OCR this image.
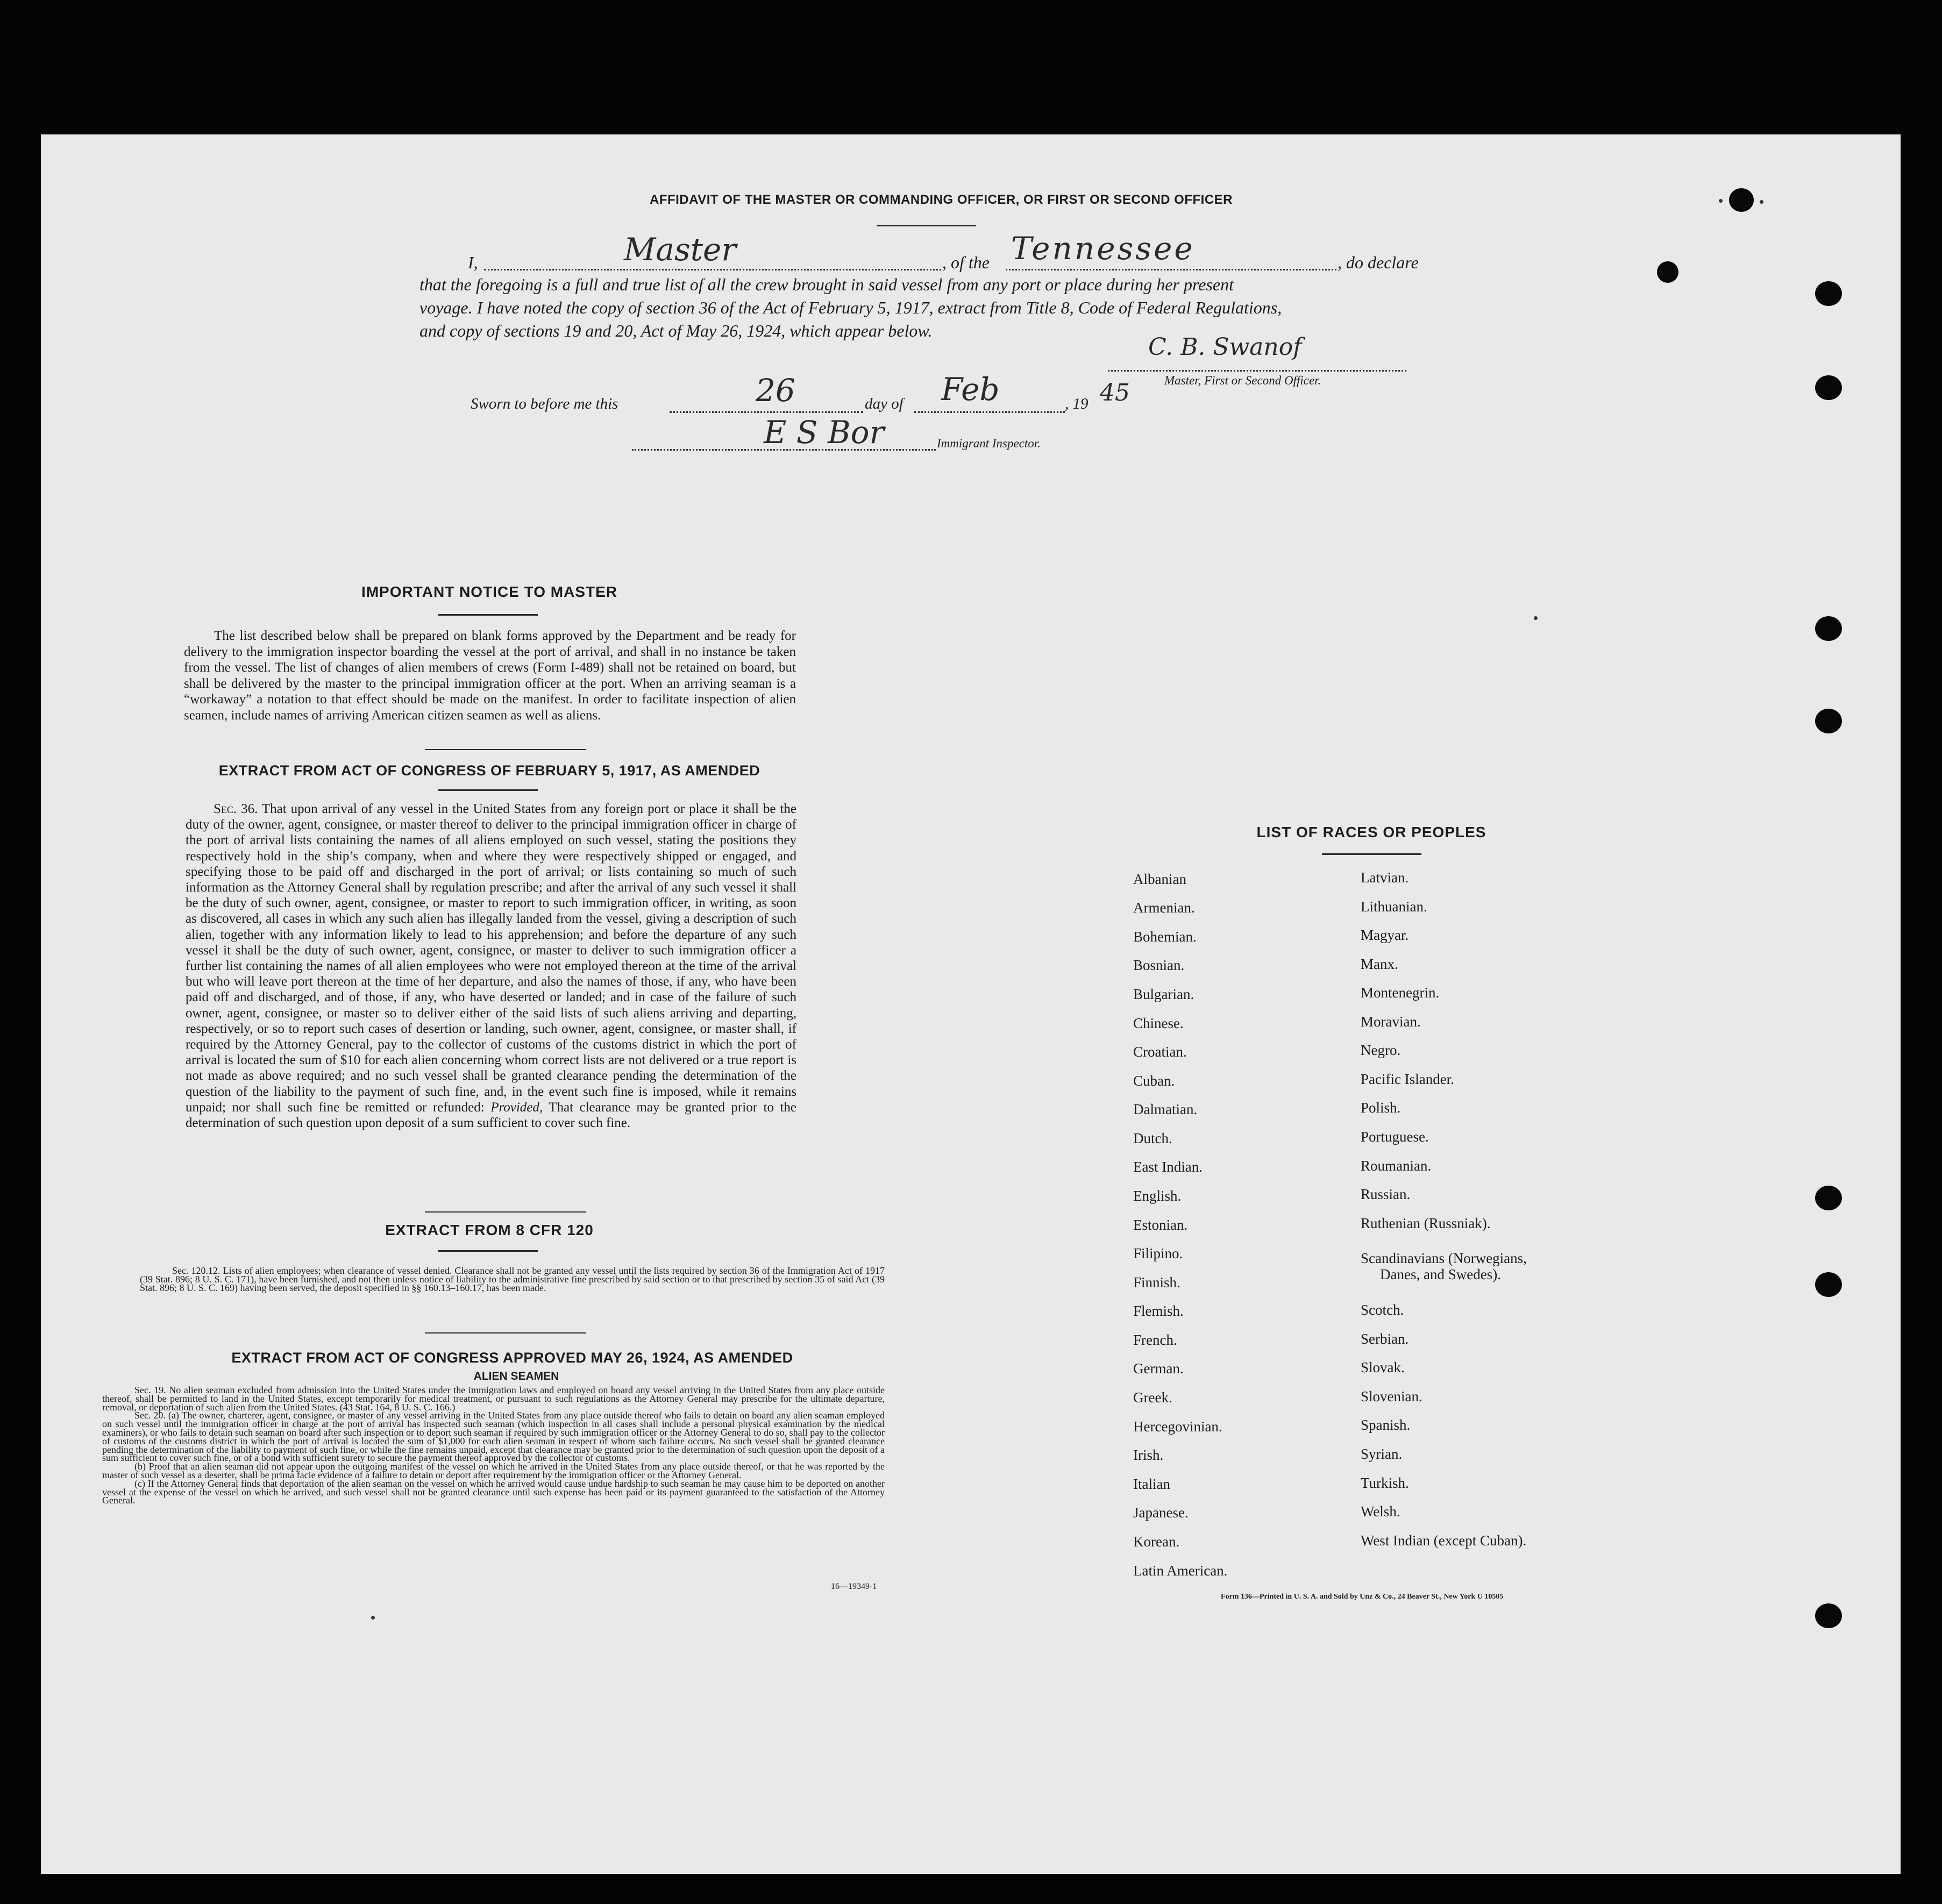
AFFIDAVIT OF THE MASTER OR COMMANDING OFFICER, OR FIRST OR SECOND OFFICER
I,	Master	, of the Tennessee	, do declare
that the foregoing is a full and true list of all the crew brought in said vessel from any port or place during her present
voyage. I have noted the copy of section 36 of the Act of February 5, 1917, extract from Title 8, Code of Federal Regulations,
and copy of sections 19 and 20, Act of May 26, 1924, which appear below.
C. B. Swanof
Master, First or Second Officer.
Sworn to before me this	26	day of Feb	, 19 45
E S Bor	Immigrant Inspector.
IMPORTANT NOTICE TO MASTER
The list described below shall be prepared on blank forms approved by the Department and be ready for delivery to the immigration inspector boarding the vessel at the port of arrival, and shall in no instance be taken from the vessel. The list of changes of alien members of crews (Form I-489) shall not be retained on board, but shall be delivered by the master to the principal immigration officer at the port. When an arriving seaman is a “workaway” a notation to that effect should be made on the manifest. In order to facilitate inspection of alien seamen, include names of arriving American citizen seamen as well as aliens.
EXTRACT FROM ACT OF CONGRESS OF FEBRUARY 5, 1917, AS AMENDED
Sec. 36. That upon arrival of any vessel in the United States from any foreign port or place it shall be the duty of the owner, agent, consignee, or master thereof to deliver to the principal immigration officer in charge of the port of arrival lists containing the names of all aliens employed on such vessel, stating the positions they respectively hold in the ship’s company, when and where they were respectively shipped or engaged, and specifying those to be paid off and discharged in the port of arrival; or lists containing so much of such information as the Attorney General shall by regulation prescribe; and after the arrival of any such vessel it shall be the duty of such owner, agent, consignee, or master to report to such immigration officer, in writing, as soon as discovered, all cases in which any such alien has illegally landed from the vessel, giving a description of such alien, together with any information likely to lead to his apprehension; and before the departure of any such vessel it shall be the duty of such owner, agent, consignee, or master to deliver to such immigration officer a further list containing the names of all alien employees who were not employed thereon at the time of the arrival but who will leave port thereon at the time of her departure, and also the names of those, if any, who have been paid off and discharged, and of those, if any, who have deserted or landed; and in case of the failure of such owner, agent, consignee, or master so to deliver either of the said lists of such aliens arriving and departing, respectively, or so to report such cases of desertion or landing, such owner, agent, consignee, or master shall, if required by the Attorney General, pay to the collector of customs of the customs district in which the port of arrival is located the sum of $10 for each alien concerning whom correct lists are not delivered or a true report is not made as above required; and no such vessel shall be granted clearance pending the determination of the question of the liability to the payment of such fine, and, in the event such fine is imposed, while it remains unpaid; nor shall such fine be remitted or refunded: Provided, That clearance may be granted prior to the determination of such question upon deposit of a sum sufficient to cover such fine.
EXTRACT FROM 8 CFR 120
Sec. 120.12. Lists of alien employees; when clearance of vessel denied. Clearance shall not be granted any vessel until the lists required by section 36 of the Immigration Act of 1917 (39 Stat. 896; 8 U. S. C. 171), have been furnished, and not then unless notice of liability to the administrative fine prescribed by said section or to that prescribed by section 35 of said Act (39 Stat. 896; 8 U. S. C. 169) having been served, the deposit specified in §§ 160.13–160.17, has been made.
EXTRACT FROM ACT OF CONGRESS APPROVED MAY 26, 1924, AS AMENDED
ALIEN SEAMEN
Sec. 19. No alien seaman excluded from admission into the United States under the immigration laws and employed on board any vessel arriving in the United States from any place outside thereof, shall be permitted to land in the United States, except temporarily for medical treatment, or pursuant to such regulations as the Attorney General may prescribe for the ultimate departure, removal, or deportation of such alien from the United States. (43 Stat. 164, 8 U. S. C. 166.)
Sec. 20. (a) The owner, charterer, agent, consignee, or master of any vessel arriving in the United States from any place outside thereof who fails to detain on board any alien seaman employed on such vessel until the immigration officer in charge at the port of arrival has inspected such seaman (which inspection in all cases shall include a personal physical examination by the medical examiners), or who fails to detain such seaman on board after such inspection or to deport such seaman if required by such immigration officer or the Attorney General to do so, shall pay to the collector of customs of the customs district in which the port of arrival is located the sum of $1,000 for each alien seaman in respect of whom such failure occurs. No such vessel shall be granted clearance pending the determination of the liability to payment of such fine, or while the fine remains unpaid, except that clearance may be granted prior to the determination of such question upon the deposit of a sum sufficient to cover such fine, or of a bond with sufficient surety to secure the payment thereof approved by the collector of customs.
(b) Proof that an alien seaman did not appear upon the outgoing manifest of the vessel on which he arrived in the United States from any place outside thereof, or that he was reported by the master of such vessel as a deserter, shall be prima facie evidence of a failure to detain or deport after requirement by the immigration officer or the Attorney General.
(c) If the Attorney General finds that deportation of the alien seaman on the vessel on which he arrived would cause undue hardship to such seaman he may cause him to be deported on another vessel at the expense of the vessel on which he arrived, and such vessel shall not be granted clearance until such expense has been paid or its payment guaranteed to the satisfaction of the Attorney General.
16—19349-1
LIST OF RACES OR PEOPLES
Albanian
Armenian.
Bohemian.
Bosnian.
Bulgarian.
Chinese.
Croatian.
Cuban.
Dalmatian.
Dutch.
East Indian.
English.
Estonian.
Filipino.
Finnish.
Flemish.
French.
German.
Greek.
Hercegovinian.
Irish.
Italian
Japanese.
Korean.
Latin American.
Latvian.
Lithuanian.
Magyar.
Manx.
Montenegrin.
Moravian.
Negro.
Pacific Islander.
Polish.
Portuguese.
Roumanian.
Russian.
Ruthenian (Russniak).
Scandinavians (Norwegians,
Danes, and Swedes).
Scotch.
Serbian.
Slovak.
Slovenian.
Spanish.
Syrian.
Turkish.
Welsh.
West Indian (except Cuban).
Form 136—Printed in U. S. A. and Sold by Unz & Co., 24 Beaver St., New York U 10505
